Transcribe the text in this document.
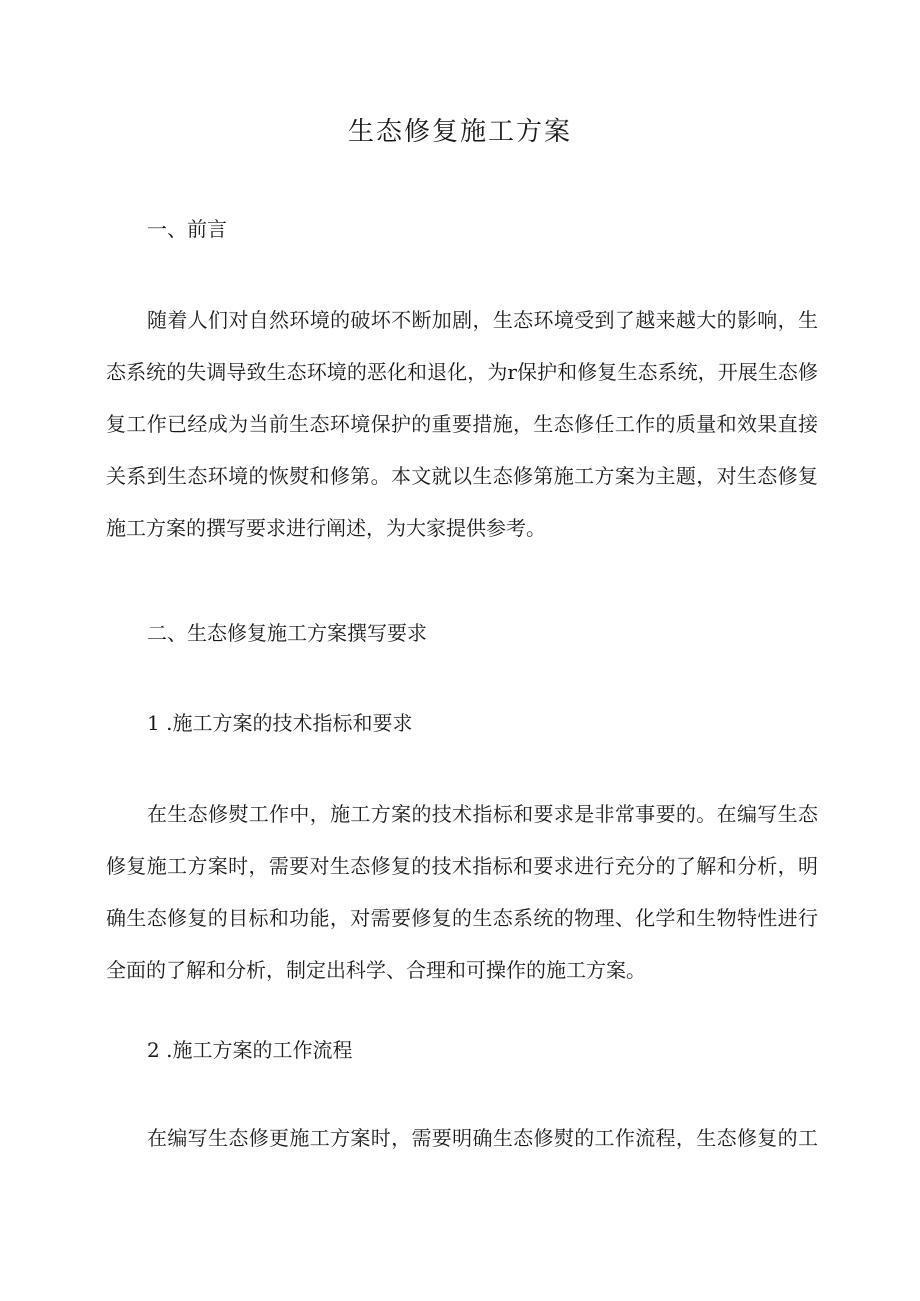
生态修复施工方案
一、前言
随着人们对自然环境的破坏不断加剧，生态环境受到了越来越大的影响，生
态系统的失调导致生态环境的恶化和退化，为r保护和修复生态系统，开展生态修
复工作已经成为当前生态环境保护的重要措施，生态修任工作的质量和效果直接
关系到生态环境的恢熨和修第。本文就以生态修第施工方案为主题，对生态修复
施工方案的撰写要求进行阐述，为大家提供参考。
二、生态修复施工方案撰写要求
1 .施工方案的技术指标和要求
在生态修熨工作中，施工方案的技术指标和要求是非常事要的。在编写生态
修复施工方案时，需要对生态修复的技术指标和要求进行充分的了解和分析，明
确生态修复的目标和功能，对需要修复的生态系统的物理、化学和生物特性进行
全面的了解和分析，制定出科学、合理和可操作的施工方案。
2 .施工方案的工作流程
在编写生态修更施工方案时，需要明确生态修熨的工作流程，生态修复的工
